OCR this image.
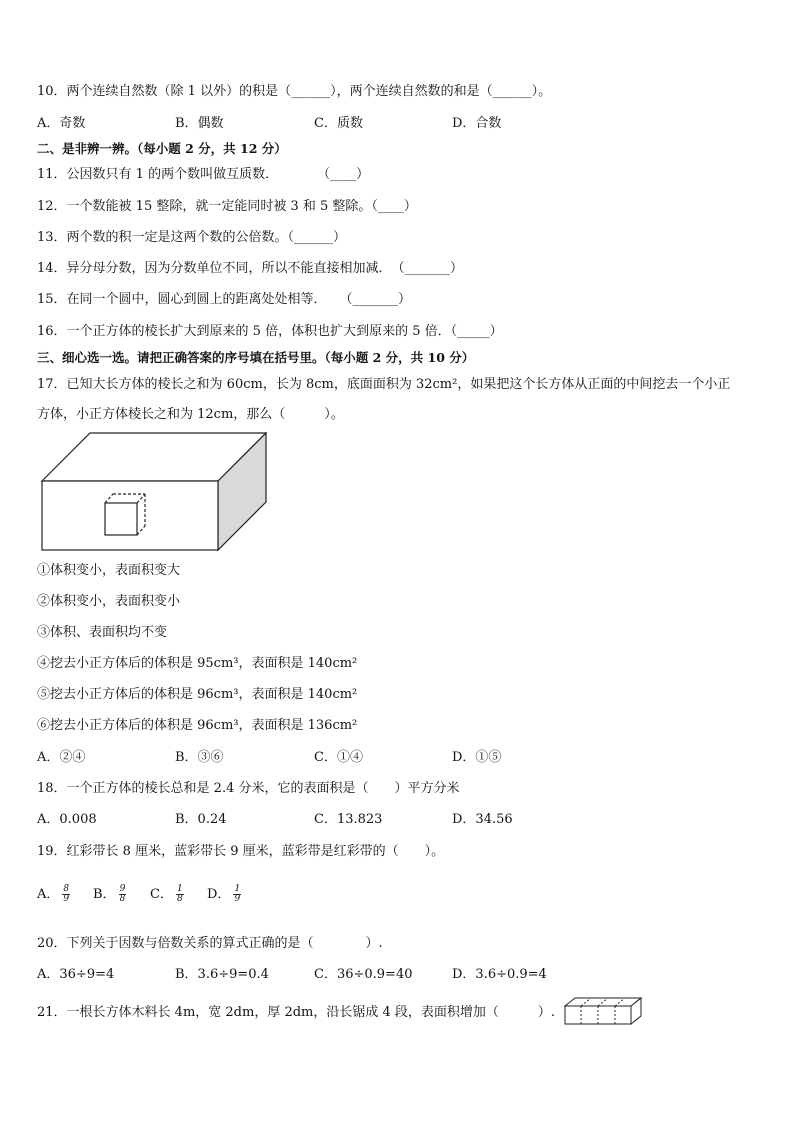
10．两个连续自然数（除 1 以外）的积是（______），两个连续自然数的和是（______）。
A．奇数	B．偶数	C．质数	D．合数
二、是非辨一辨。（每小题 2 分，共 12 分）
11．公因数只有 1 的两个数叫做互质数．　　　　（____）
12．一个数能被 15 整除，就一定能同时被 3 和 5 整除。（____）
13．两个数的积一定是这两个数的公倍数。（______）
14．异分母分数，因为分数单位不同，所以不能直接相加减．　（_______）
15．在同一个圆中，圆心到圆上的距离处处相等．　　（_______）
16．一个正方体的棱长扩大到原来的 5 倍，体积也扩大到原来的 5 倍．（_____）
三、细心选一选。请把正确答案的序号填在括号里。（每小题 2 分，共 10 分）
17．已知大长方体的棱长之和为 60cm，长为 8cm，底面面积为 32cm²，如果把这个长方体从正面的中间挖去一个小正
方体，小正方体棱长之和为 12cm，那么（　　　）。
①体积变小，表面积变大
②体积变小，表面积变小
③体积、表面积均不变
④挖去小正方体后的体积是 95cm³，表面积是 140cm²
⑤挖去小正方体后的体积是 96cm³，表面积是 140cm²
⑥挖去小正方体后的体积是 96cm³，表面积是 136cm²
A．②④	B．③⑥	C．①④	D．①⑤
18．一个正方体的棱长总和是 2.4 分米，它的表面积是（　　）平方分米
A．0.008	B．0.24	C．13.823	D．34.56
19．红彩带长 8 厘米，蓝彩带长 9 厘米，蓝彩带是红彩带的（　　）。
A． $\frac{8}{9}$ B． $\frac{9}{8}$ C． $\frac{1}{8}$ D． $\frac{1}{9}$
20．下列关于因数与倍数关系的算式正确的是（　　　　）.
A．36÷9=4	B．3.6÷9=0.4	C．36÷0.9=40	D．3.6÷0.9=4
21．一根长方体木料长 4m，宽 2dm，厚 2dm，沿长锯成 4 段，表面积增加（　　　）.
